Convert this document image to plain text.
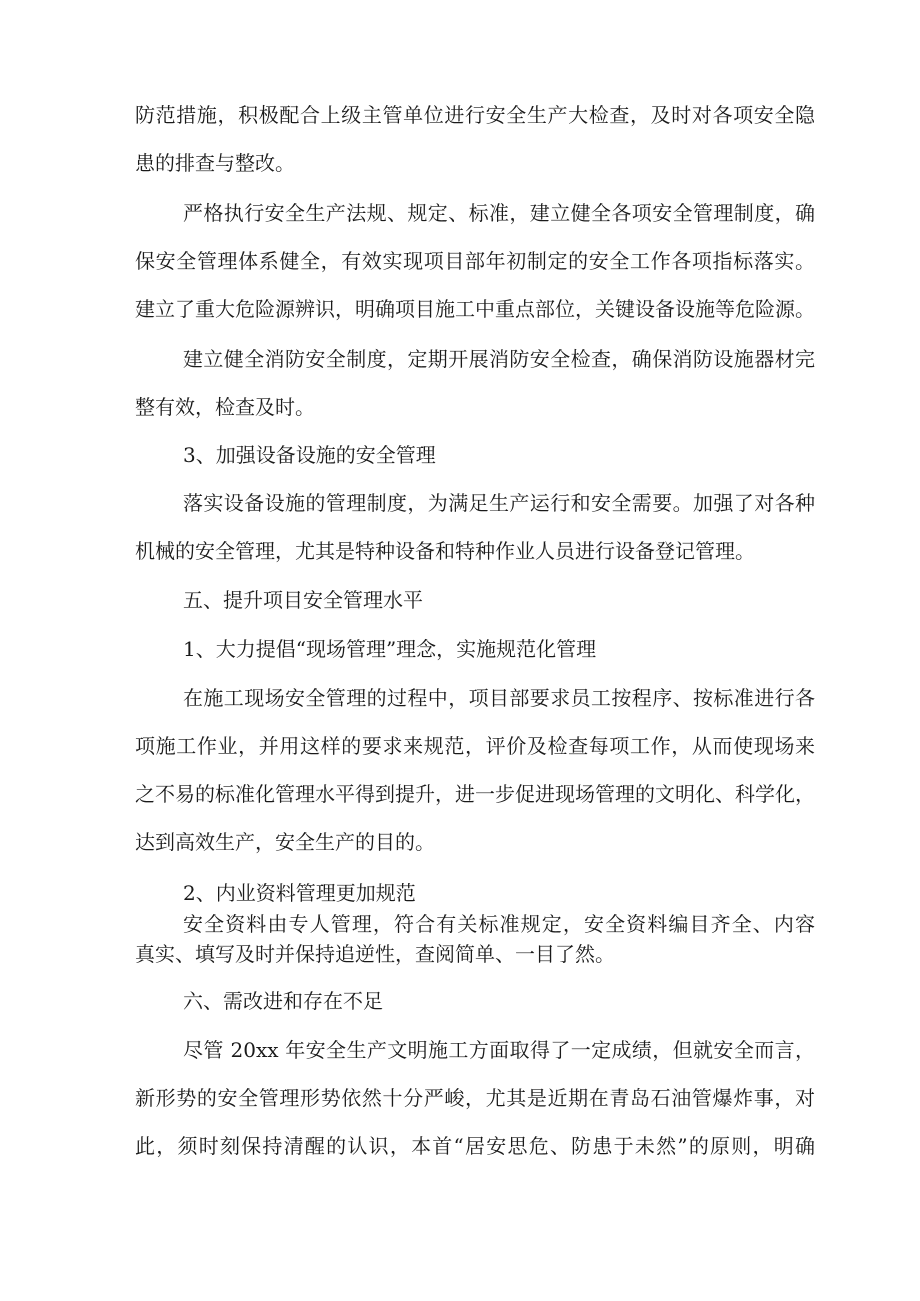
防范措施，积极配合上级主管单位进行安全生产大检查，及时对各项安全隐
患的排查与整改。
严格执行安全生产法规、规定、标准，建立健全各项安全管理制度，确
保安全管理体系健全，有效实现项目部年初制定的安全工作各项指标落实。
建立了重大危险源辨识，明确项目施工中重点部位，关键设备设施等危险源。
建立健全消防安全制度，定期开展消防安全检查，确保消防设施器材完
整有效，检查及时。
3、加强设备设施的安全管理
落实设备设施的管理制度，为满足生产运行和安全需要。加强了对各种
机械的安全管理，尤其是特种设备和特种作业人员进行设备登记管理。
五、提升项目安全管理水平
1、大力提倡“现场管理”理念，实施规范化管理
在施工现场安全管理的过程中，项目部要求员工按程序、按标准进行各
项施工作业，并用这样的要求来规范，评价及检查每项工作，从而使现场来
之不易的标准化管理水平得到提升，进一步促进现场管理的文明化、科学化，
达到高效生产，安全生产的目的。
2、内业资料管理更加规范
安全资料由专人管理，符合有关标准规定，安全资料编目齐全、内容
真实、填写及时并保持追逆性，查阅简单、一目了然。
六、需改进和存在不足
尽管 20xx 年安全生产文明施工方面取得了一定成绩，但就安全而言，
新形势的安全管理形势依然十分严峻，尤其是近期在青岛石油管爆炸事，对
此，须时刻保持清醒的认识，本首“居安思危、防患于未然”的原则，明确
